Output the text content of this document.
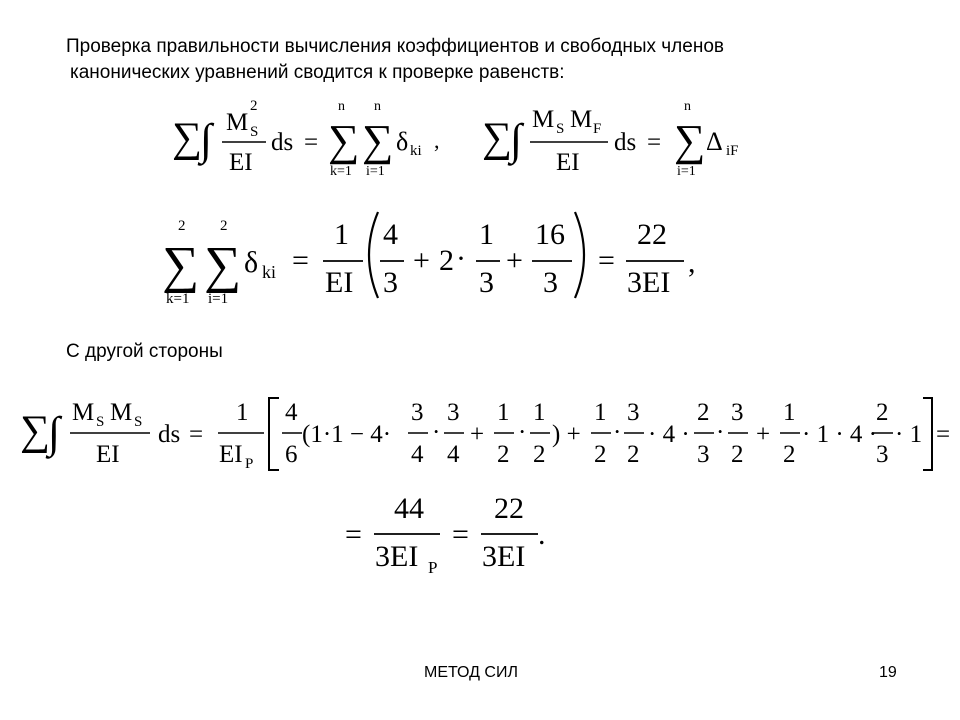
Проверка правильности вычисления коэффициентов и свободных членов
канонических уравнений сводится к проверке равенств:
С другой стороны
∑
∫ M S
2
EI
ds =
n
∑
k=1
n
∑
i=1
δ ki , ∑
∫ M S M F
EI
ds =
n
∑
i=1
Δ iF
2
∑
k=1
2
∑
i=1
δ ki =
1
EI
4
3
+ 2 ·
1
3
+
16
3
=
22
3EI
,
∑
∫ M S M S
EI
ds =
1
EI P
4
6
(1·1 − 4·
3
4
·
3
4
+
1
2
·
1
2
) +
1
2
·
3
2
· 4 ·
2
3
·
3
2
+
1
2
· 1 · 4 ·
2
3
· 1 =
=
44
3EI P
=
22
3EI
.
МЕТОД СИЛ	19
